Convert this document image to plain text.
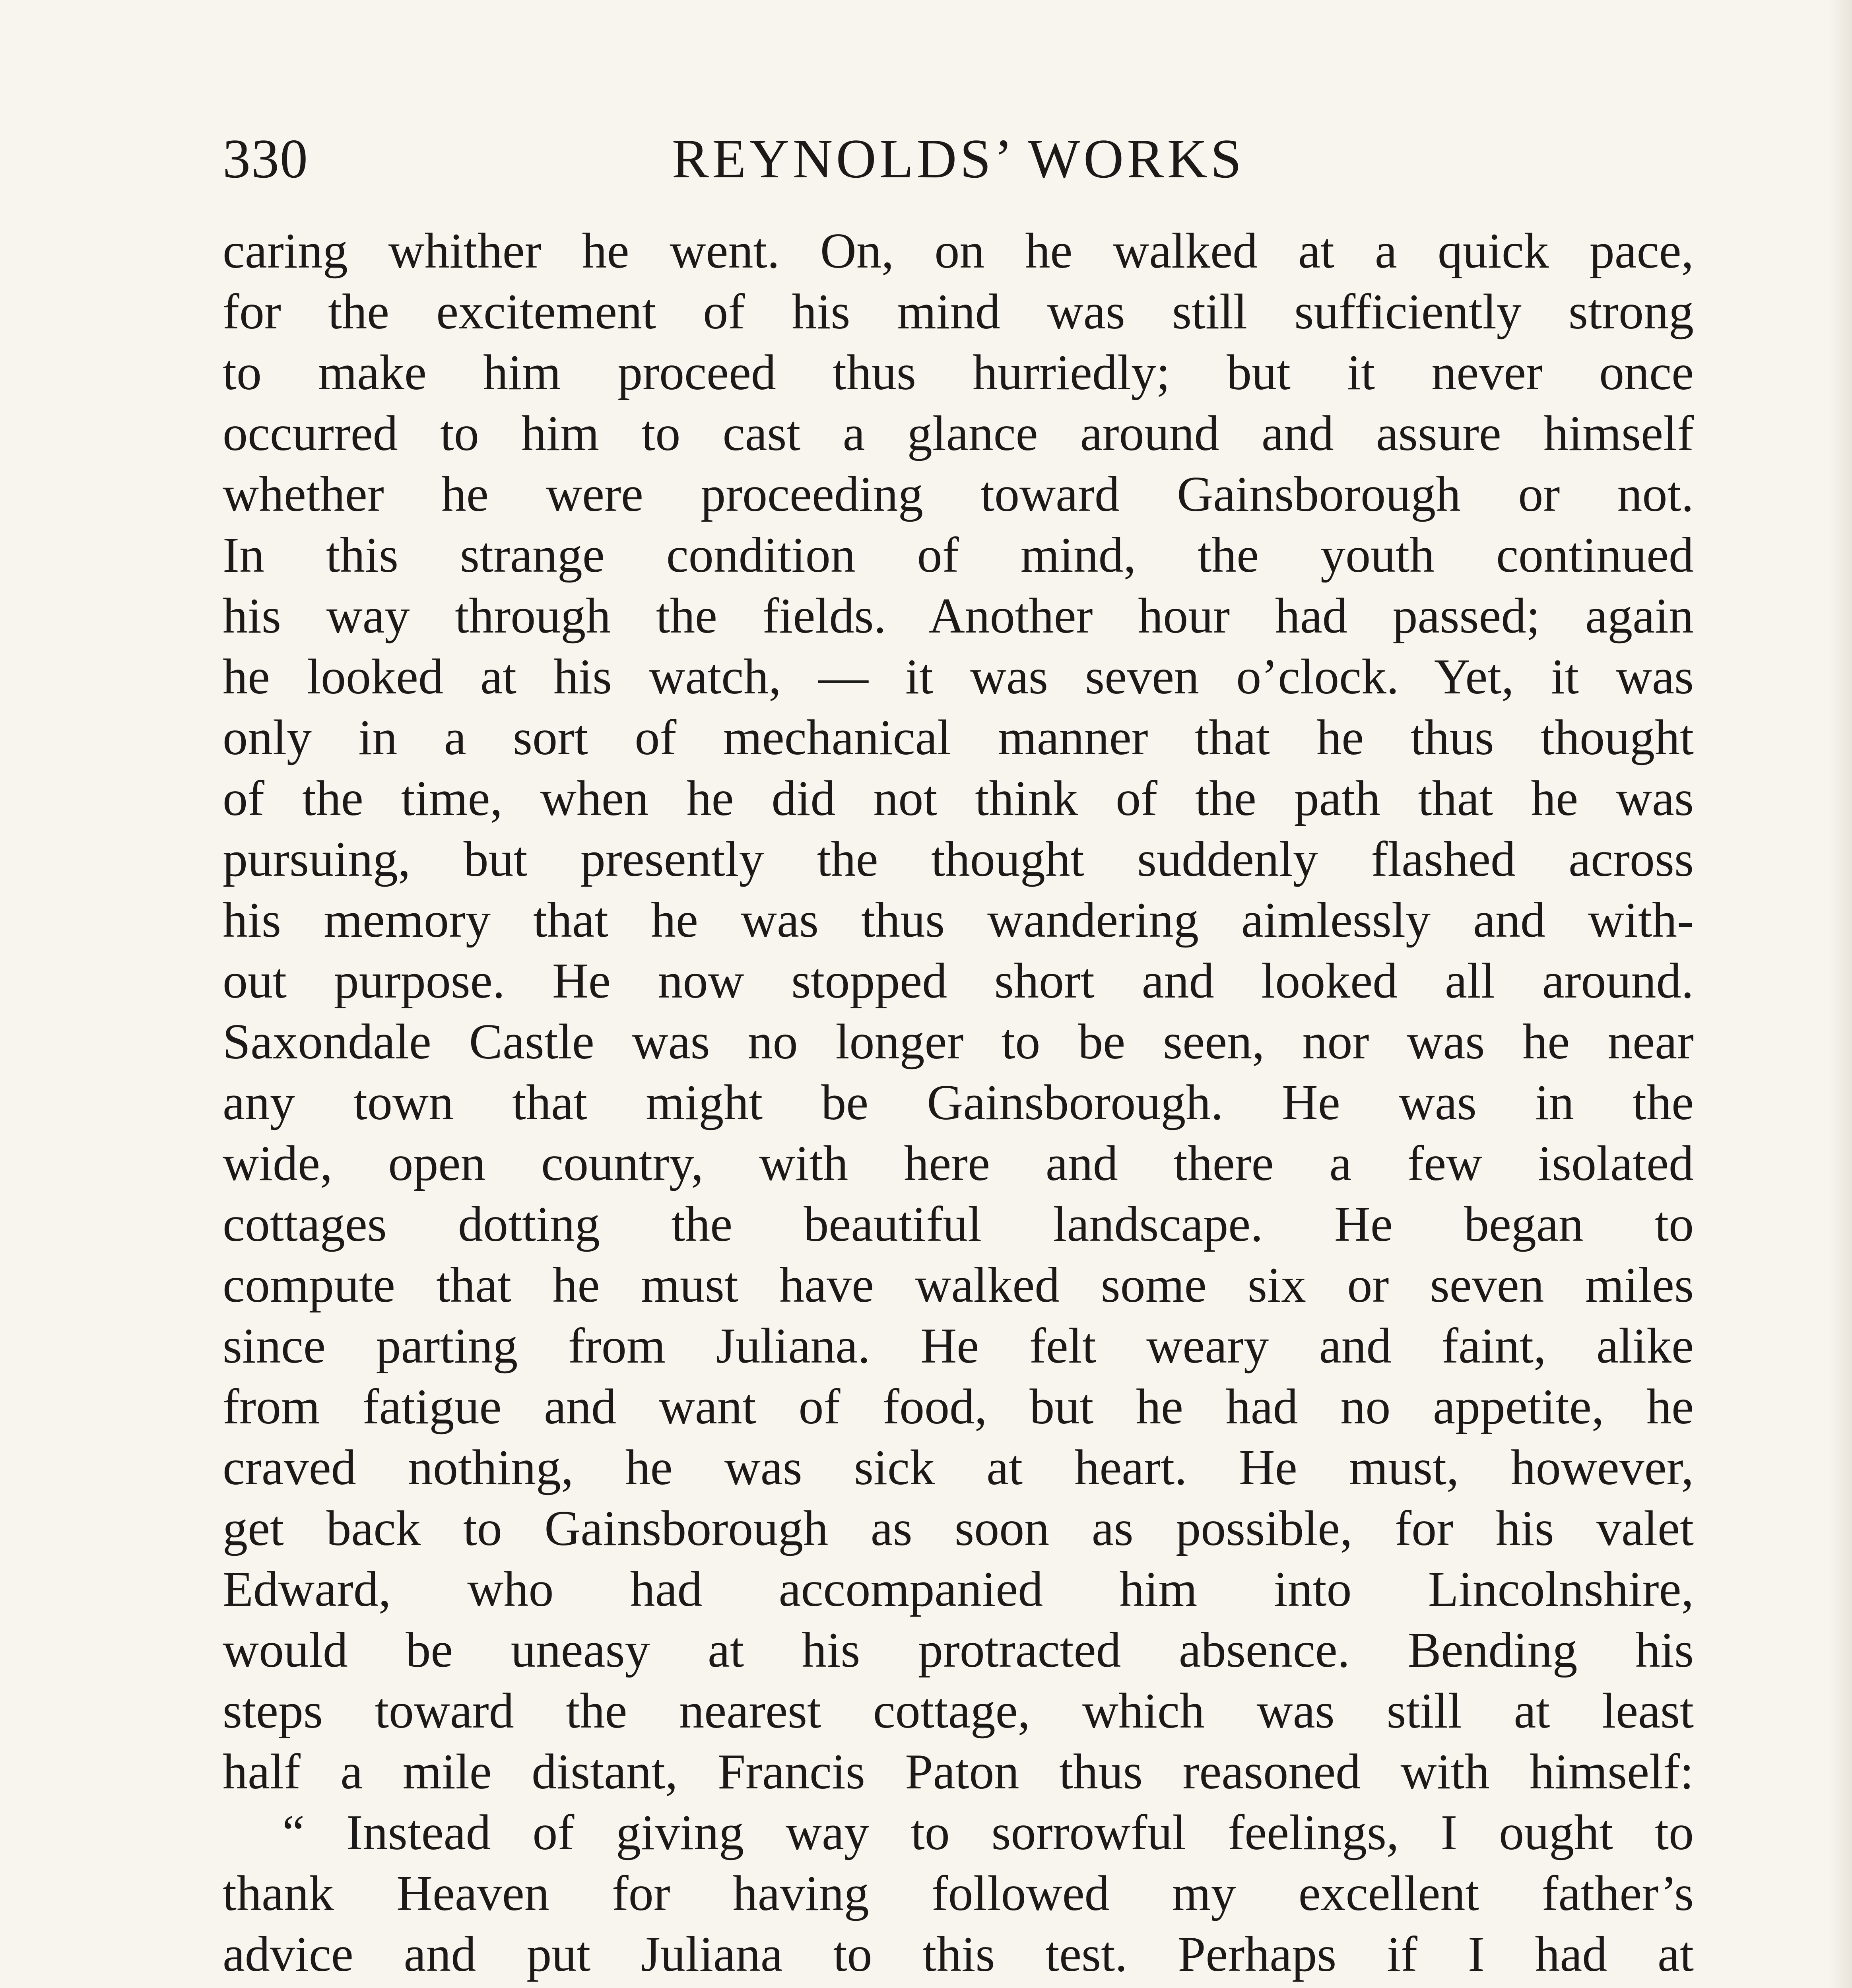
330	REYNOLDS’ WORKS
caring whither he went. On, on he walked at a quick pace,
for the excitement of his mind was still sufficiently strong
to make him proceed thus hurriedly; but it never once
occurred to him to cast a glance around and assure himself
whether he were proceeding toward Gainsborough or not.
In this strange condition of mind, the youth continued
his way through the fields. Another hour had passed; again
he looked at his watch, — it was seven o’clock. Yet, it was
only in a sort of mechanical manner that he thus thought
of the time, when he did not think of the path that he was
pursuing, but presently the thought suddenly flashed across
his memory that he was thus wandering aimlessly and with-
out purpose. He now stopped short and looked all around.
Saxondale Castle was no longer to be seen, nor was he near
any town that might be Gainsborough. He was in the
wide, open country, with here and there a few isolated
cottages dotting the beautiful landscape. He began to
compute that he must have walked some six or seven miles
since parting from Juliana. He felt weary and faint, alike
from fatigue and want of food, but he had no appetite, he
craved nothing, he was sick at heart. He must, however,
get back to Gainsborough as soon as possible, for his valet
Edward, who had accompanied him into Lincolnshire,
would be uneasy at his protracted absence. Bending his
steps toward the nearest cottage, which was still at least
half a mile distant, Francis Paton thus reasoned with himself:
“ Instead of giving way to sorrowful feelings, I ought to
thank Heaven for having followed my excellent father’s
advice and put Juliana to this test. Perhaps if I had at
